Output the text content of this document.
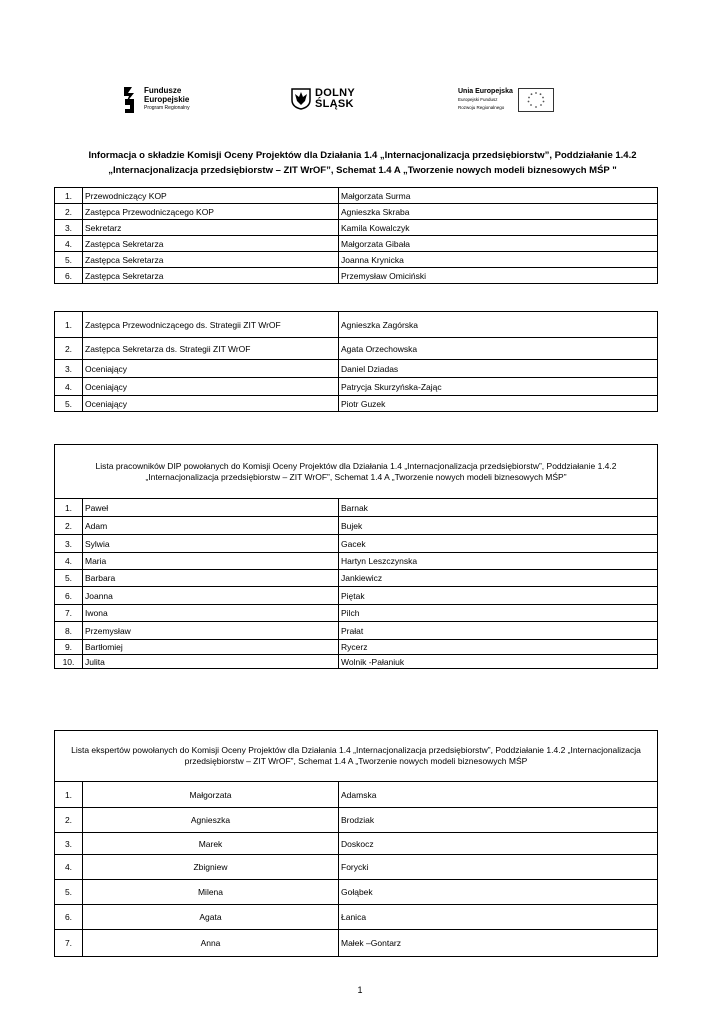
Fundusze
Europejskie
Program Regionalny
DOLNY
ŚLĄSK
Unia Europejska
Europejski Fundusz
Rozwoju Regionalnego
Informacja o składzie Komisji Oceny Projektów dla Działania 1.4 „Internacjonalizacja przedsiębiorstw”, Poddziałanie 1.4.2
„Internacjonalizacja przedsiębiorstw – ZIT WrOF”, Schemat 1.4 A „Tworzenie nowych modeli biznesowych MŚP "
1.	Przewodniczący KOP	Małgorzata Surma
2.	Zastępca Przewodniczącego KOP	Agnieszka Skraba
3.	Sekretarz	Kamila Kowalczyk
4.	Zastępca Sekretarza	Małgorzata Gibała
5.	Zastępca Sekretarza	Joanna Krynicka
6.	Zastępca Sekretarza	Przemysław Omiciński
1.	Zastępca Przewodniczącego ds. Strategii ZIT WrOF	Agnieszka Zagórska
2.	Zastępca Sekretarza ds. Strategii ZIT WrOF	Agata Orzechowska
3.	Oceniający	Daniel Dziadas
4.	Oceniający	Patrycja Skurzyńska-Zając
5.	Oceniający	Piotr Guzek
Lista pracowników DIP powołanych do Komisji Oceny Projektów dla Działania 1.4 „Internacjonalizacja przedsiębiorstw”, Poddziałanie 1.4.2
„Internacjonalizacja przedsiębiorstw – ZIT WrOF”, Schemat 1.4 A „Tworzenie nowych modeli biznesowych MŚP”		
1.	Paweł	Barnak
2.	Adam	Bujek
3.	Sylwia	Gacek
4.	Maria	Hartyn Leszczynska
5.	Barbara	Jankiewicz
6.	Joanna	Piętak
7.	Iwona	Pilch
8.	Przemysław	Prałat
9.	Bartłomiej	Rycerz
10.	Julita	Wolnik -Pałaniuk
Lista ekspertów powołanych do Komisji Oceny Projektów dla Działania 1.4 „Internacjonalizacja przedsiębiorstw”, Poddziałanie 1.4.2 „Internacjonalizacja
przedsiębiorstw – ZIT WrOF”, Schemat 1.4 A „Tworzenie nowych modeli biznesowych MŚP		
1.	Małgorzata	Adamska
2.	Agnieszka	Brodziak
3.	Marek	Doskocz
4.	Zbigniew	Forycki
5.	Milena	Gołąbek
6.	Agata	Łanica
7.	Anna	Małek –Gontarz
1
